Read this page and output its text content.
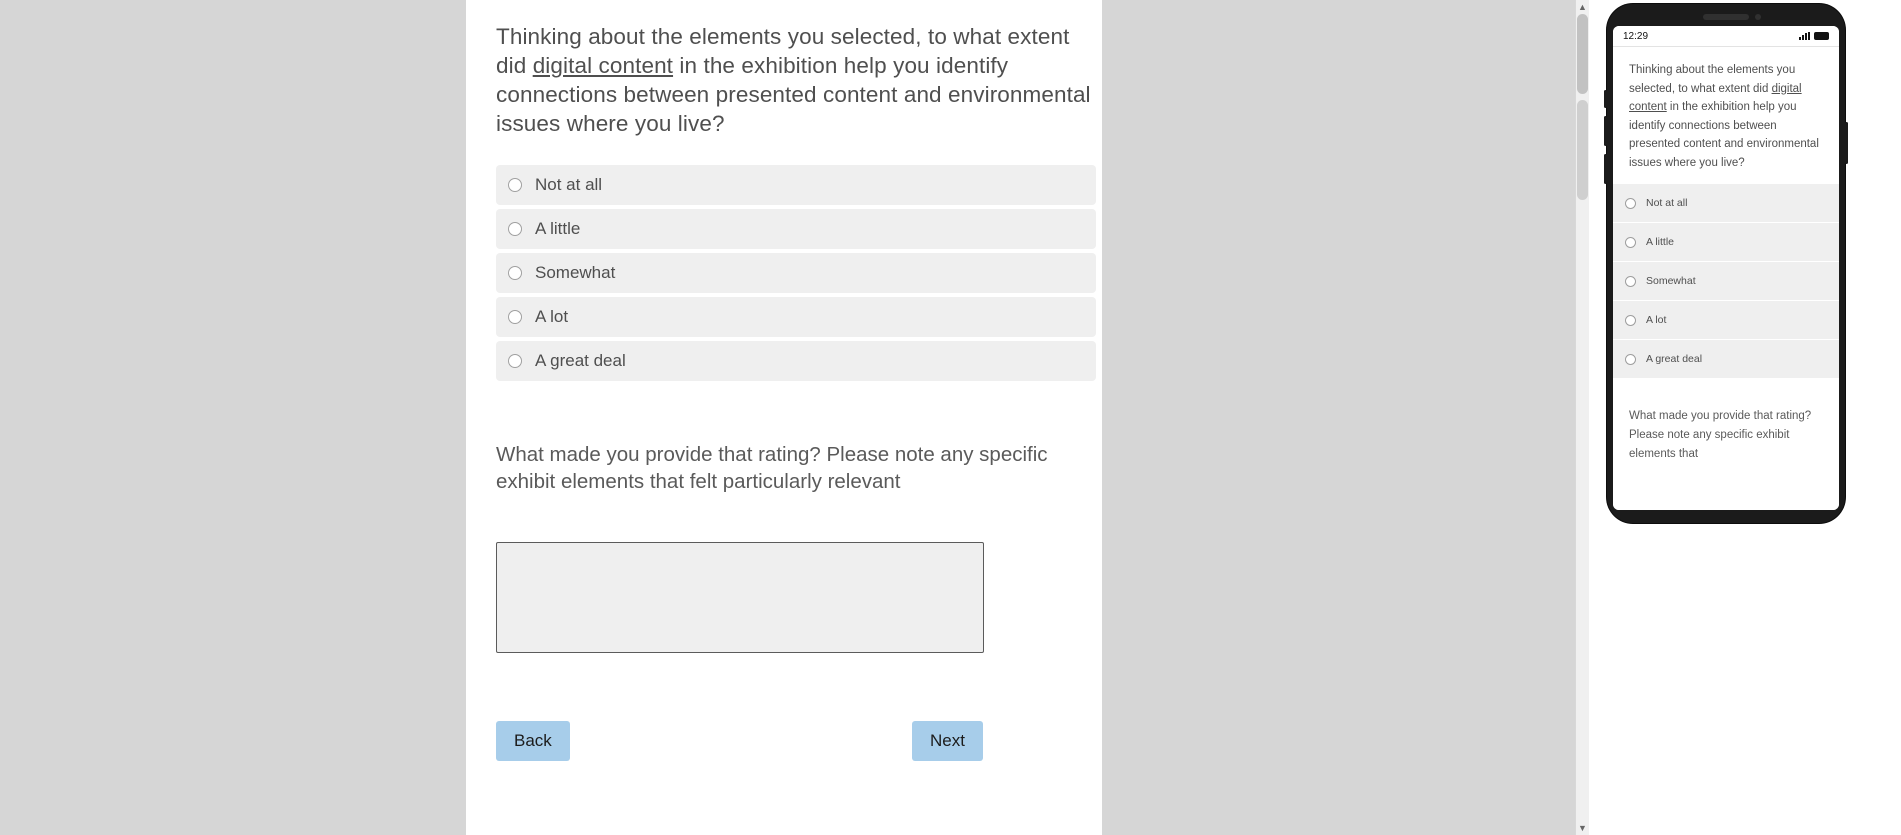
Thinking about the elements you selected, to what extent did digital content in the exhibition help you identify connections between presented content and environmental issues where you live?

Not at all
A little
Somewhat
A lot
A great deal

What made you provide that rating? Please note any specific exhibit elements that felt particularly relevant

Back	Next
▲
▼
12:29
Thinking about the elements you selected, to what extent did digital content in the exhibition help you identify connections between presented content and environmental issues where you live?
Not at all
A little
Somewhat
A lot
A great deal
What made you provide that rating? Please note any specific exhibit elements that
